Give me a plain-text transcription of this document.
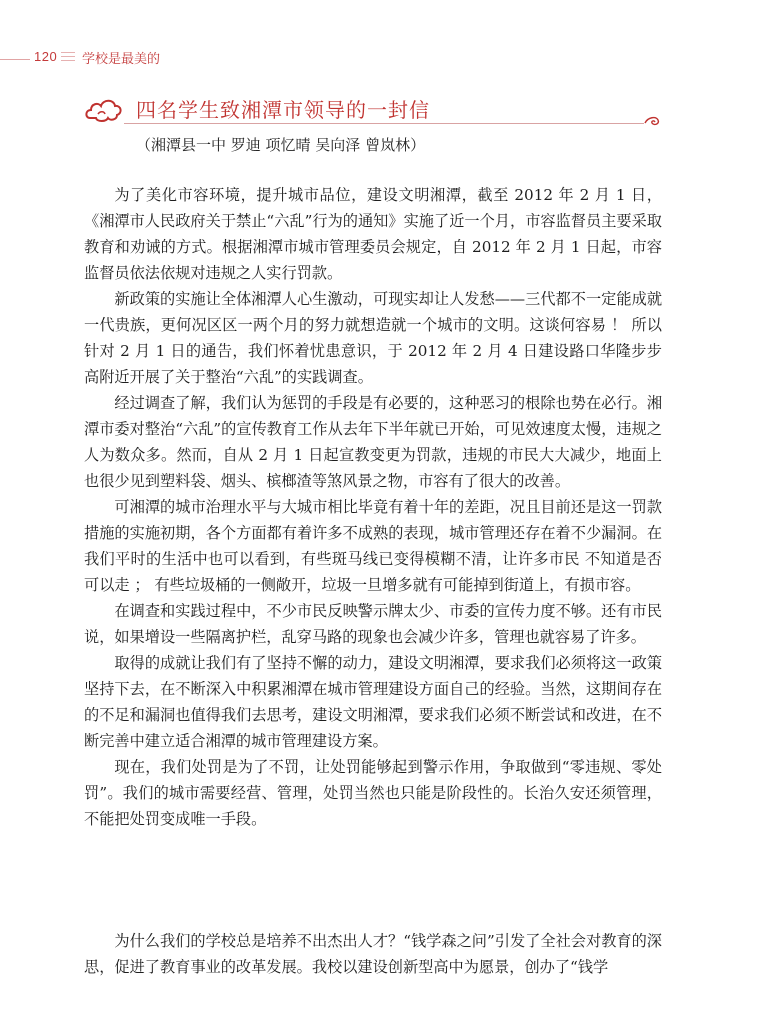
120 学校是最美的
四名学生致湘潭市领导的一封信
（湘潭县一中 罗迪 项忆晴 吴向泽 曾岚林）

为了美化市容环境，提升城市品位，建设文明湘潭，截至 2012 年 2 月 1 日，《湘潭市人民政府关于禁止“六乱”行为的通知》实施了近一个月，市容监督员主要采取教育和劝诫的方式。根据湘潭市城市管理委员会规定，自 2012 年 2 月 1 日起，市容监督员依法依规对违规之人实行罚款。

新政策的实施让全体湘潭人心生激动，可现实却让人发愁——三代都不一定能成就一代贵族，更何况区区一两个月的努力就想造就一个城市的文明。这谈何容易 ！ 所以针对 2 月 1 日的通告，我们怀着忧患意识，于 2012 年 2 月 4 日建设路口华隆步步高附近开展了关于整治“六乱”的实践调查。

经过调查了解，我们认为惩罚的手段是有必要的，这种恶习的根除也势在必行。湘潭市委对整治“六乱”的宣传教育工作从去年下半年就已开始，可见效速度太慢，违规之人为数众多。然而，自从 2 月 1 日起宣教变更为罚款，违规的市民大大减少，地面上也很少见到塑料袋、烟头、槟榔渣等煞风景之物，市容有了很大的改善。

可湘潭的城市治理水平与大城市相比毕竟有着十年的差距，况且目前还是这一罚款措施的实施初期，各个方面都有着许多不成熟的表现，城市管理还存在着不少漏洞。在我们平时的生活中也可以看到，有些斑马线已变得模糊不清，让许多市民 不知道是否可以走 ； 有些垃圾桶的一侧敞开，垃圾一旦增多就有可能掉到街道上，有损市容。

在调查和实践过程中，不少市民反映警示牌太少、市委的宣传力度不够。还有市民说，如果增设一些隔离护栏，乱穿马路的现象也会减少许多，管理也就容易了许多。

取得的成就让我们有了坚持不懈的动力，建设文明湘潭，要求我们必须将这一政策坚持下去，在不断深入中积累湘潭在城市管理建设方面自己的经验。当然，这期间存在的不足和漏洞也值得我们去思考，建设文明湘潭，要求我们必须不断尝试和改进，在不断完善中建立适合湘潭的城市管理建设方案。

现在，我们处罚是为了不罚，让处罚能够起到警示作用，争取做到“零违规、零处罚”。我们的城市需要经营、管理，处罚当然也只能是阶段性的。长治久安还须管理，不能把处罚变成唯一手段。

为什么我们的学校总是培养不出杰出人才？“钱学森之问”引发了全社会对教育的深思，促进了教育事业的改革发展。我校以建设创新型高中为愿景，创办了“钱学
